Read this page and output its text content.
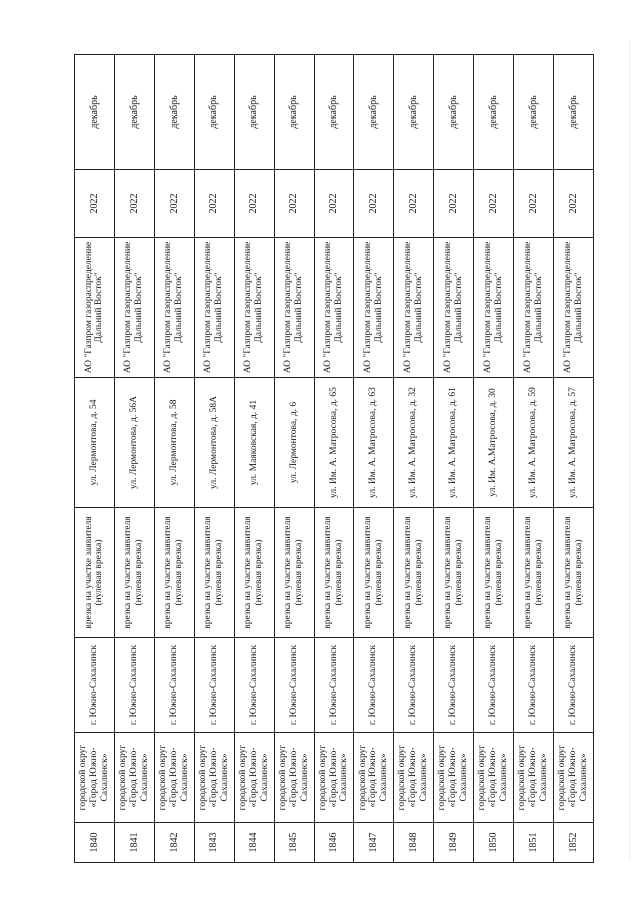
1840	городской округ «Город Южно-Сахалинск»	г. Южно-Сахалинск	врезка на участке заявителя (нулевая врезка)	ул. Лермонтова, д. 54	АО "Газпром газораспределение Дальний Восток"	2022	декабрь
1841	городской округ «Город Южно-Сахалинск»	г. Южно-Сахалинск	врезка на участке заявителя (нулевая врезка)	ул. Лермонтова, д. 56А	АО "Газпром газораспределение Дальний Восток"	2022	декабрь
1842	городской округ «Город Южно-Сахалинск»	г. Южно-Сахалинск	врезка на участке заявителя (нулевая врезка)	ул. Лермонтова, д. 58	АО "Газпром газораспределение Дальний Восток"	2022	декабрь
1843	городской округ «Город Южно-Сахалинск»	г. Южно-Сахалинск	врезка на участке заявителя (нулевая врезка)	ул. Лермонтова, д. 58А	АО "Газпром газораспределение Дальний Восток"	2022	декабрь
1844	городской округ «Город Южно-Сахалинск»	г. Южно-Сахалинск	врезка на участке заявителя (нулевая врезка)	ул. Маяковская, д. 41	АО "Газпром газораспределение Дальний Восток"	2022	декабрь
1845	городской округ «Город Южно-Сахалинск»	г. Южно-Сахалинск	врезка на участке заявителя (нулевая врезка)	ул. Лермонтова, д. 6	АО "Газпром газораспределение Дальний Восток"	2022	декабрь
1846	городской округ «Город Южно-Сахалинск»	г. Южно-Сахалинск	врезка на участке заявителя (нулевая врезка)	ул. Им. А. Матросова, д. 65	АО "Газпром газораспределение Дальний Восток"	2022	декабрь
1847	городской округ «Город Южно-Сахалинск»	г. Южно-Сахалинск	врезка на участке заявителя (нулевая врезка)	ул. Им. А. Матросова, д. 63	АО "Газпром газораспределение Дальний Восток"	2022	декабрь
1848	городской округ «Город Южно-Сахалинск»	г. Южно-Сахалинск	врезка на участке заявителя (нулевая врезка)	ул. Им. А. Матросова, д. 32	АО "Газпром газораспределение Дальний Восток"	2022	декабрь
1849	городской округ «Город Южно-Сахалинск»	г. Южно-Сахалинск	врезка на участке заявителя (нулевая врезка)	ул. Им. А. Матросова, д. 61	АО "Газпром газораспределение Дальний Восток"	2022	декабрь
1850	городской округ «Город Южно-Сахалинск»	г. Южно-Сахалинск	врезка на участке заявителя (нулевая врезка)	ул. Им. А.Матросова, д. 30	АО "Газпром газораспределение Дальний Восток"	2022	декабрь
1851	городской округ «Город Южно-Сахалинск»	г. Южно-Сахалинск	врезка на участке заявителя (нулевая врезка)	ул. Им. А. Матросова, д. 59	АО "Газпром газораспределение Дальний Восток"	2022	декабрь
1852	городской округ «Город Южно-Сахалинск»	г. Южно-Сахалинск	врезка на участке заявителя (нулевая врезка)	ул. Им. А. Матросова, д. 57	АО "Газпром газораспределение Дальний Восток"	2022	декабрь
